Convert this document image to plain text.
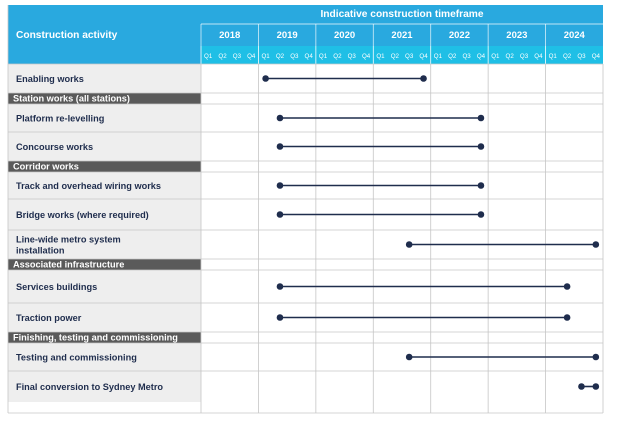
Construction activity
Indicative construction timeframe
2018	2019	2020	2021	2022	2023	2024
Q1 Q2 Q3 Q4 Q1 Q2 Q3 Q4 Q1 Q2 Q3 Q4 Q1 Q2 Q3 Q4 Q1 Q2 Q3 Q4 Q1 Q2 Q3 Q4 Q1 Q2 Q3 Q4
Enabling works
Station works (all stations)
Platform re-levelling
Concourse works
Corridor works
Track and overhead wiring works
Bridge works (where required)
Line-wide metro system
installation
Associated infrastructure
Services buildings
Traction power
Finishing, testing and commissioning
Testing and commissioning
Final conversion to Sydney Metro
